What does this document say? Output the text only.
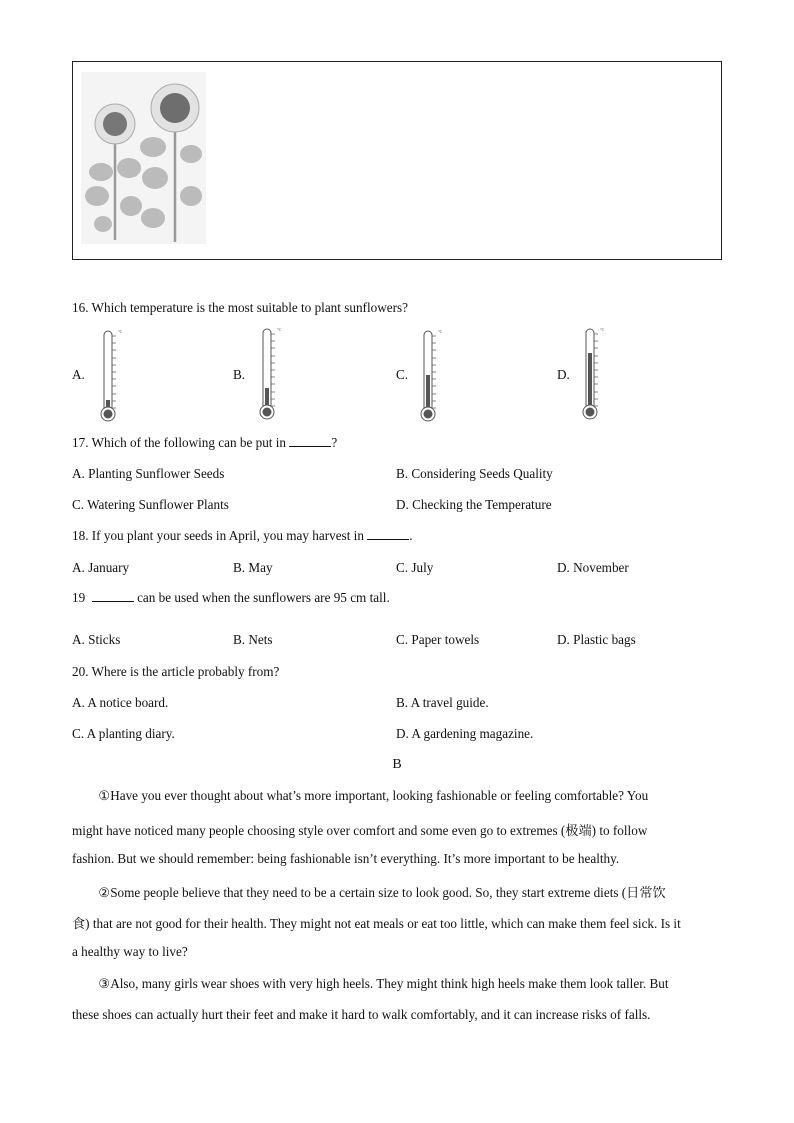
16. Which temperature is the most suitable to plant sunflowers?
A.	B.	C.	D.
°C	°C	°C	°C
17. Which of the following can be put in	?
A. Planting Sunflower Seeds	B. Considering Seeds Quality
C. Watering Sunflower Plants	D. Checking the Temperature
18. If you plant your seeds in April, you may harvest in	.
A. January	B. May	C. July	D. November
19	can be used when the sunflowers are 95 cm tall.
A. Sticks	B. Nets	C. Paper towels	D. Plastic bags
20. Where is the article probably from?
A. A notice board.	B. A travel guide.
C. A planting diary.	D. A gardening magazine.
B
①Have you ever thought about what’s more important, looking fashionable or feeling comfortable? You
might have noticed many people choosing style over comfort and some even go to extremes (极端) to follow
fashion. But we should remember: being fashionable isn’t everything. It’s more important to be healthy.
②Some people believe that they need to be a certain size to look good. So, they start extreme diets (日常饮
食) that are not good for their health. They might not eat meals or eat too little, which can make them feel sick. Is it
a healthy way to live?
③Also, many girls wear shoes with very high heels. They might think high heels make them look taller. But
these shoes can actually hurt their feet and make it hard to walk comfortably, and it can increase risks of falls.
